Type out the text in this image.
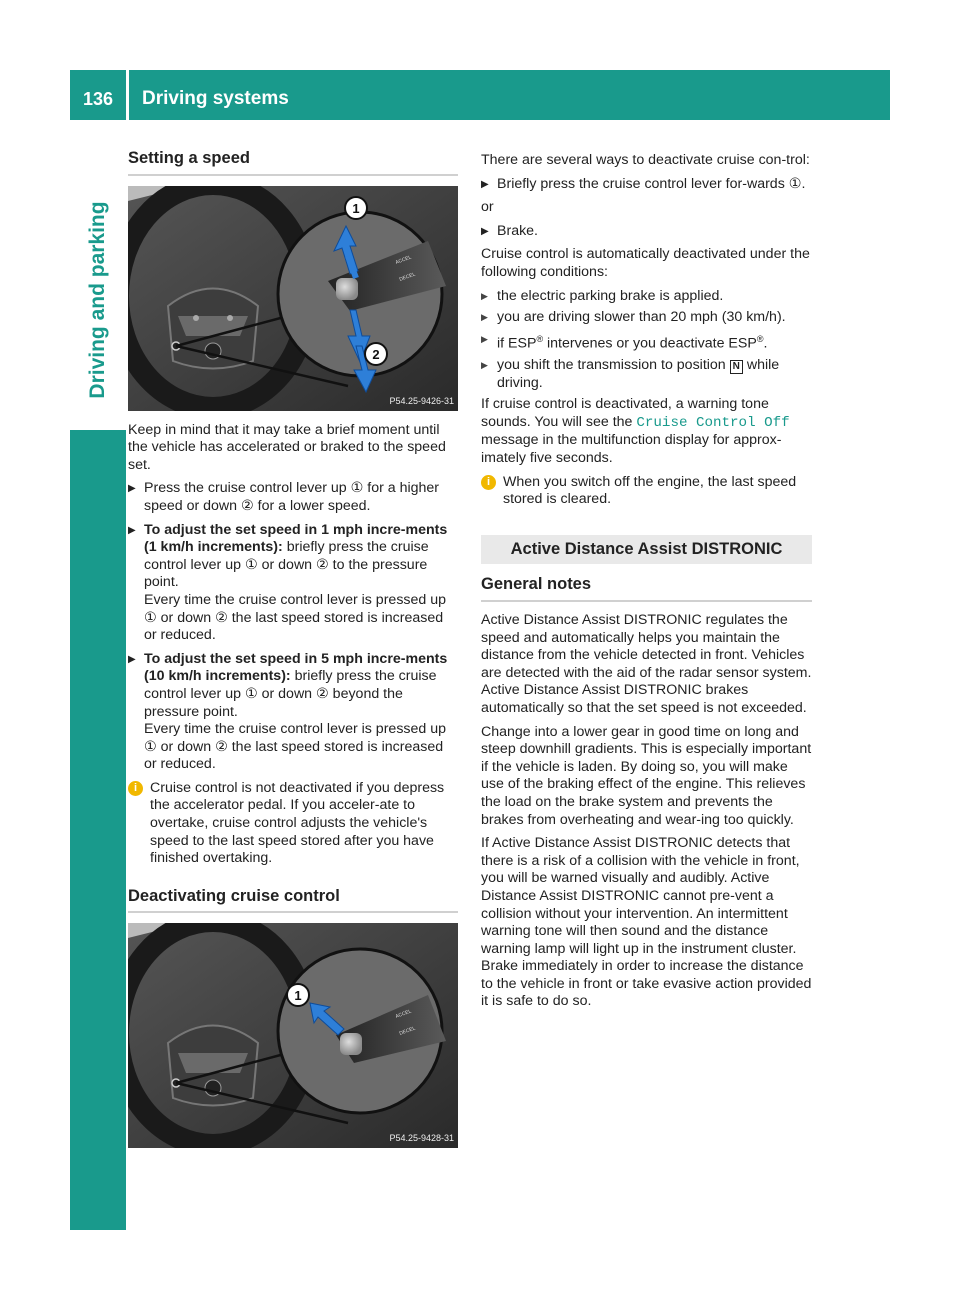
136	Driving systems
Driving and parking
Setting a speed
ACCEL
DECEL
1
2
P54.25-9426-31

Keep in mind that it may take a brief moment until the vehicle has accelerated or braked to the speed set.

▶ Press the cruise control lever up ① for a higher speed or down ② for a lower speed.
▶ To adjust the set speed in 1 mph incre-ments (1 km/h increments): briefly press the cruise control lever up ① or down ② to the pressure point.
Every time the cruise control lever is pressed up ① or down ② the last speed stored is increased or reduced.
▶ To adjust the set speed in 5 mph incre-ments (10 km/h increments): briefly press the cruise control lever up ① or down ② beyond the pressure point.
Every time the cruise control lever is pressed up ① or down ② the last speed stored is increased or reduced.
i Cruise control is not deactivated if you depress the accelerator pedal. If you acceler-ate to overtake, cruise control adjusts the vehicle's speed to the last speed stored after you have finished overtaking.
Deactivating cruise control
ACCEL
DECEL
1
P54.25-9428-31

There are several ways to deactivate cruise con-trol:

▶ Briefly press the cruise control lever for-wards ①.

or

▶ Brake.

Cruise control is automatically deactivated under the following conditions:

▶ the electric parking brake is applied.
▶ you are driving slower than 20 mph (30 km/h).
▶ if ESP® intervenes or you deactivate ESP®.
▶ you shift the transmission to position N while driving.

If cruise control is deactivated, a warning tone sounds. You will see the Cruise Control Off message in the multifunction display for approx-imately five seconds.

i When you switch off the engine, the last speed stored is cleared.
Active Distance Assist DISTRONIC
General notes

Active Distance Assist DISTRONIC regulates the speed and automatically helps you maintain the distance from the vehicle detected in front. Vehicles are detected with the aid of the radar sensor system. Active Distance Assist DISTRONIC brakes automatically so that the set speed is not exceeded.

Change into a lower gear in good time on long and steep downhill gradients. This is especially important if the vehicle is laden. By doing so, you will make use of the braking effect of the engine. This relieves the load on the brake system and prevents the brakes from overheating and wear-ing too quickly.

If Active Distance Assist DISTRONIC detects that there is a risk of a collision with the vehicle in front, you will be warned visually and audibly. Active Distance Assist DISTRONIC cannot pre-vent a collision without your intervention. An intermittent warning tone will then sound and the distance warning lamp will light up in the instrument cluster. Brake immediately in order to increase the distance to the vehicle in front or take evasive action provided it is safe to do so.
